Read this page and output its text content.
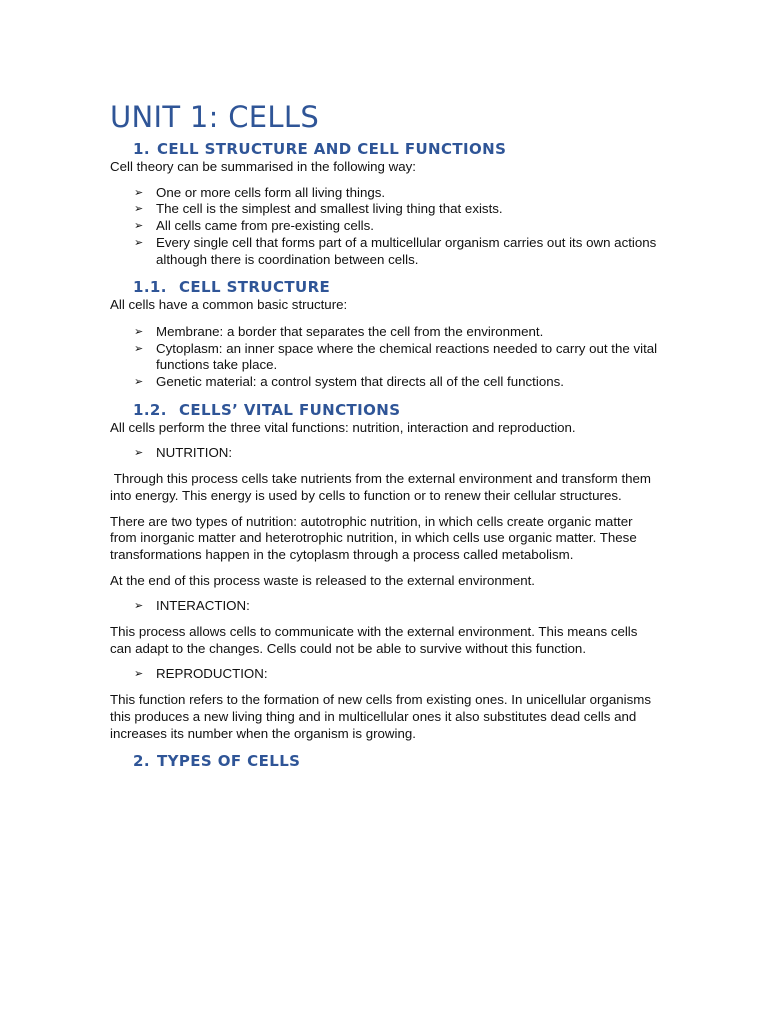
UNIT 1: CELLS
1. CELL STRUCTURE AND CELL FUNCTIONS

Cell theory can be summarised in the following way:

➢ One or more cells form all living things.
➢ The cell is the simplest and smallest living thing that exists.
➢ All cells came from pre-existing cells.
➢ Every single cell that forms part of a multicellular organism carries out its own actions although there is coordination between cells.
1.1. CELL STRUCTURE

All cells have a common basic structure:

➢ Membrane: a border that separates the cell from the environment.
➢ Cytoplasm: an inner space where the chemical reactions needed to carry out the vital functions take place.
➢ Genetic material: a control system that directs all of the cell functions.
1.2. CELLS’ VITAL FUNCTIONS

All cells perform the three vital functions: nutrition, interaction and reproduction.

➢ NUTRITION:

Through this process cells take nutrients from the external environment and transform them into energy. This energy is used by cells to function or to renew their cellular structures.

There are two types of nutrition: autotrophic nutrition, in which cells create organic matter from inorganic matter and heterotrophic nutrition, in which cells use organic matter. These transformations happen in the cytoplasm through a process called metabolism.

At the end of this process waste is released to the external environment.

➢ INTERACTION:

This process allows cells to communicate with the external environment. This means cells can adapt to the changes. Cells could not be able to survive without this function.

➢ REPRODUCTION:

This function refers to the formation of new cells from existing ones. In unicellular organisms this produces a new living thing and in multicellular ones it also substitutes dead cells and increases its number when the organism is growing.

2. TYPES OF CELLS
